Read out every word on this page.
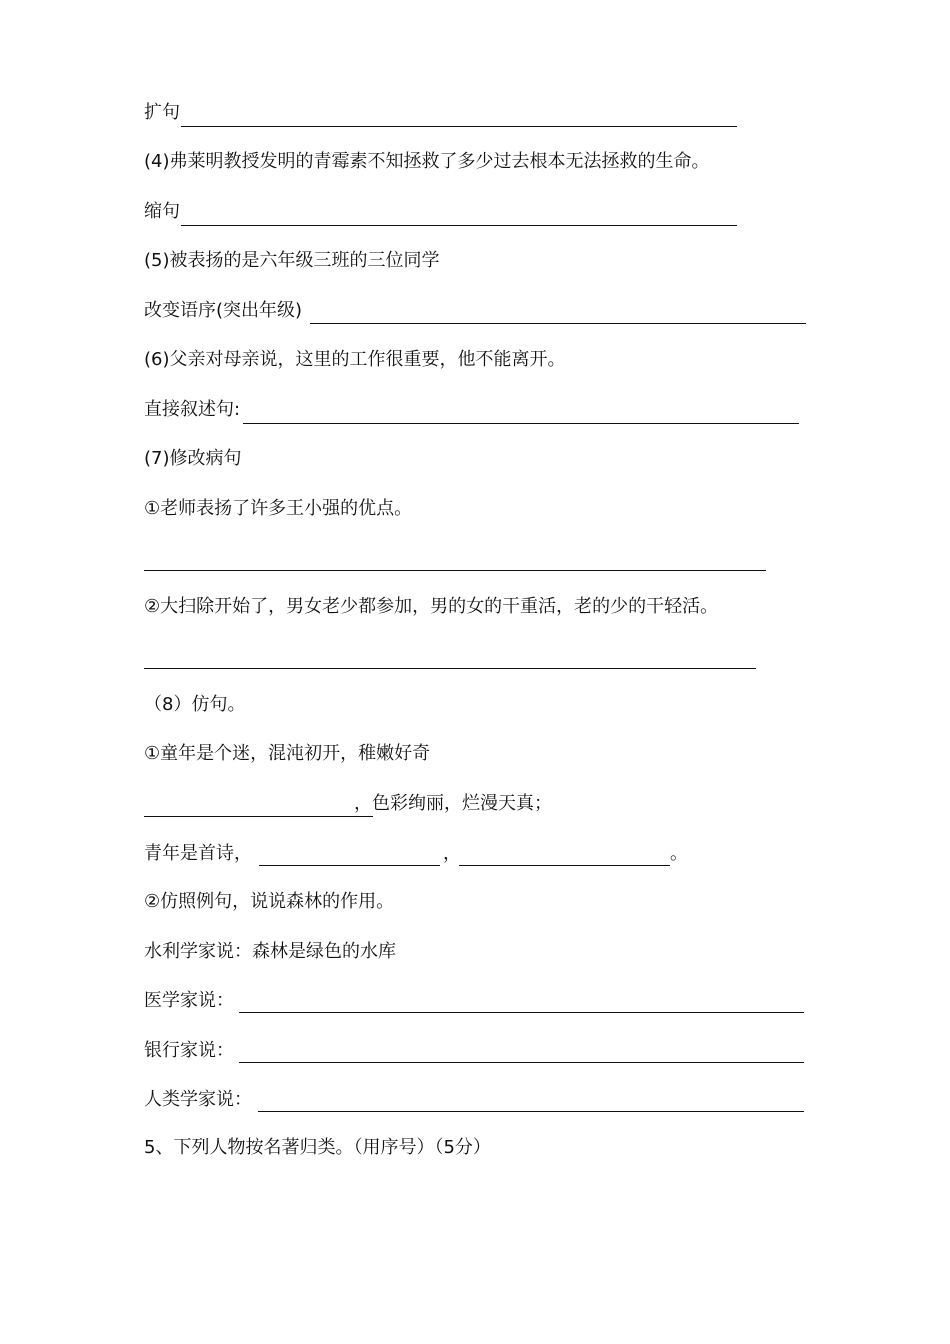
扩句
(4)弗莱明教授发明的青霉素不知拯救了多少过去根本无法拯救的生命。
缩句
(5)被表扬的是六年级三班的三位同学
改变语序(突出年级)
(6)父亲对母亲说，这里的工作很重要，他不能离开。
直接叙述句:
(7)修改病句
①老师表扬了许多王小强的优点。
②大扫除开始了，男女老少都参加，男的女的干重活，老的少的干轻活。
（8）仿句。
①童年是个迷，混沌初开，稚嫩好奇
，色彩绚丽，烂漫天真；
青年是首诗，	，	。
②仿照例句，说说森林的作用。
水利学家说：森林是绿色的水库
医学家说：
银行家说：
人类学家说：
5、下列人物按名著归类。（用序号）（5分）
